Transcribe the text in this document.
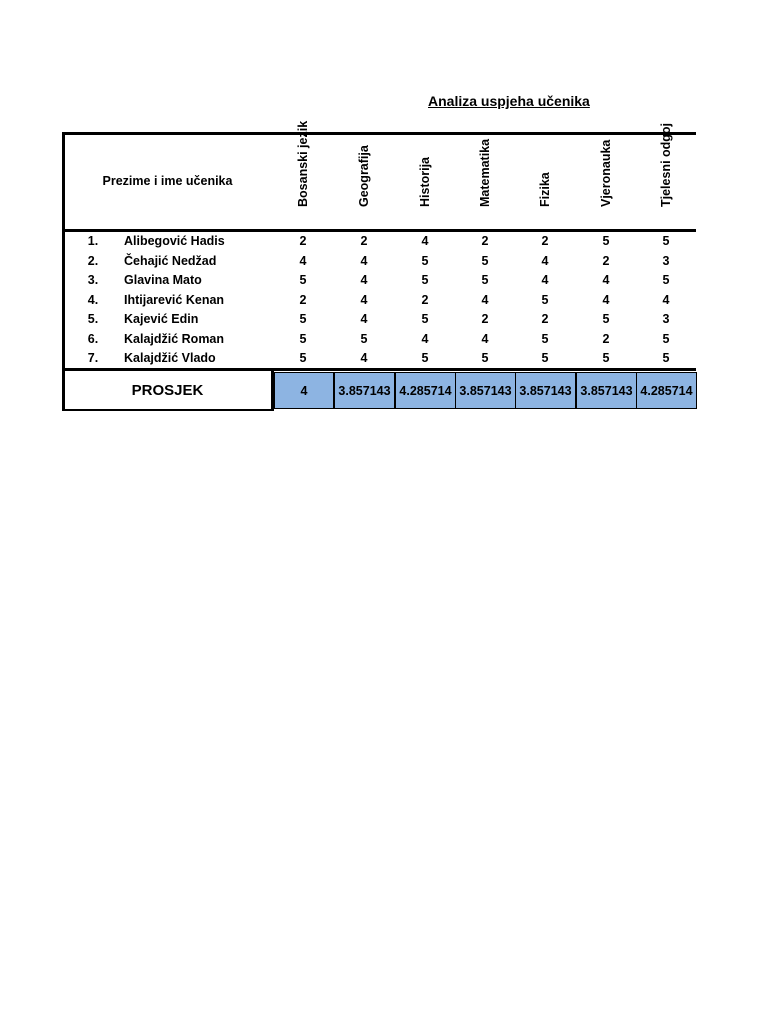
Analiza uspjeha učenika
Prezime i ime učenika	Bosanski jezik	Geografija	Historija	Matematika	Fizika	Vjeronauka	Tjelesni odgoj
1.	Alibegović Hadis	2	2	4	2	2	5	5
2.	Čehajić Nedžad	4	4	5	5	4	2	3
3.	Glavina Mato	5	4	5	5	4	4	5
4.	Ihtijarević Kenan	2	4	2	4	5	4	4
5.	Kajević Edin	5	4	5	2	2	5	3
6.	Kalajdžić Roman	5	5	4	4	5	2	5
7.	Kalajdžić Vlado	5	4	5	5	5	5	5
PROSJEK	4	3.857143 4.285714 3.857143 3.857143 3.857143 4.285714
